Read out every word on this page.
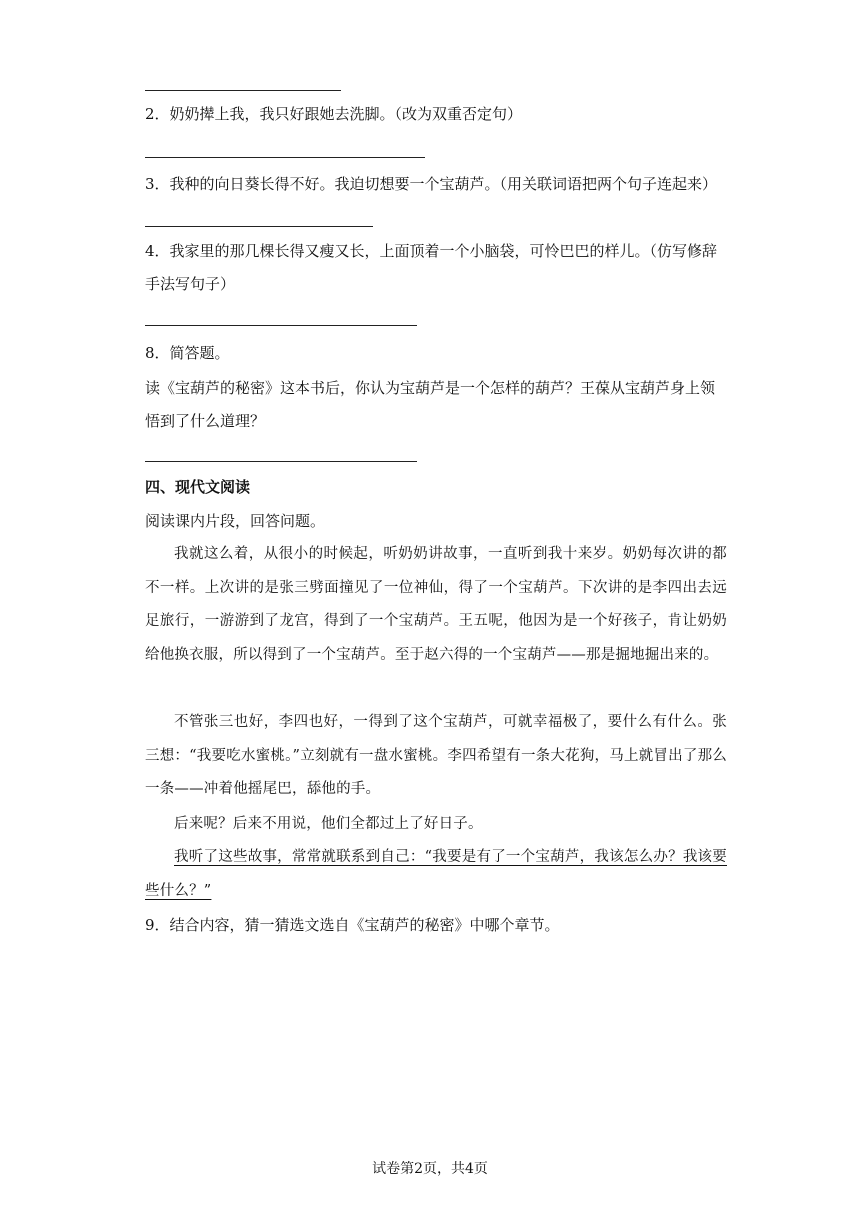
2．奶奶撵上我，我只好跟她去洗脚。（改为双重否定句）

3．我种的向日葵长得不好。我迫切想要一个宝葫芦。（用关联词语把两个句子连起来）

4．我家里的那几棵长得又瘦又长，上面顶着一个小脑袋，可怜巴巴的样儿。（仿写修辞手法写句子）

8．简答题。

读《宝葫芦的秘密》这本书后，你认为宝葫芦是一个怎样的葫芦？王葆从宝葫芦身上领悟到了什么道理？

四、现代文阅读

阅读课内片段，回答问题。

我就这么着，从很小的时候起，听奶奶讲故事，一直听到我十来岁。奶奶每次讲的都不一样。上次讲的是张三劈面撞见了一位神仙，得了一个宝葫芦。下次讲的是李四出去远足旅行，一游游到了龙宫，得到了一个宝葫芦。王五呢，他因为是一个好孩子，肯让奶奶给他换衣服，所以得到了一个宝葫芦。至于赵六得的一个宝葫芦——那是掘地掘出来的。

不管张三也好，李四也好，一得到了这个宝葫芦，可就幸福极了，要什么有什么。张三想：“我要吃水蜜桃。”立刻就有一盘水蜜桃。李四希望有一条大花狗，马上就冒出了那么一条——冲着他摇尾巴，舔他的手。

后来呢？后来不用说，他们全都过上了好日子。

我听了这些故事，常常就联系到自己：“我要是有了一个宝葫芦，我该怎么办？我该要些什么？”

9．结合内容，猜一猜选文选自《宝葫芦的秘密》中哪个章节。

试卷第2页，共4页
